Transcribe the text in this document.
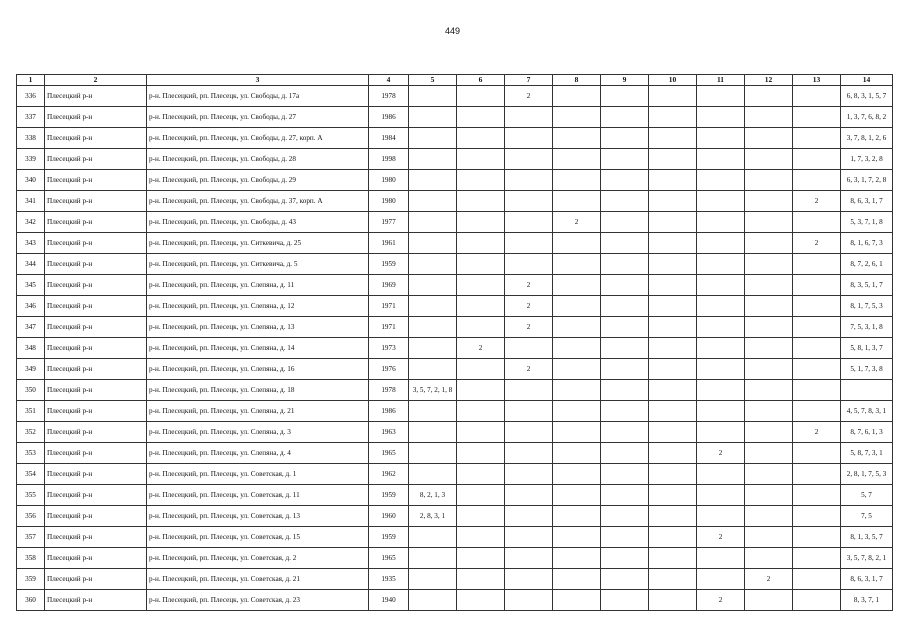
449
1	2	3	4	5	6	7	8	9	10	11	12	13	14
336	Плесецкий р-н	р-н. Плесецкий, рп. Плесецк, ул. Свободы, д. 17а	1978			2							6, 8, 3, 1, 5, 7
337	Плесецкий р-н	р-н. Плесецкий, рп. Плесецк, ул. Свободы, д. 27	1986										1, 3, 7, 6, 8, 2
338	Плесецкий р-н	р-н. Плесецкий, рп. Плесецк, ул. Свободы, д. 27, корп. А	1984										3, 7, 8, 1, 2, 6
339	Плесецкий р-н	р-н. Плесецкий, рп. Плесецк, ул. Свободы, д. 28	1998										1, 7, 3, 2, 8
340	Плесецкий р-н	р-н. Плесецкий, рп. Плесецк, ул. Свободы, д. 29	1980										6, 3, 1, 7, 2, 8
341	Плесецкий р-н	р-н. Плесецкий, рп. Плесецк, ул. Свободы, д. 37, корп. А	1980									2	8, 6, 3, 1, 7
342	Плесецкий р-н	р-н. Плесецкий, рп. Плесецк, ул. Свободы, д. 43	1977				2						5, 3, 7, 1, 8
343	Плесецкий р-н	р-н. Плесецкий, рп. Плесецк, ул. Ситкевича, д. 25	1961									2	8, 1, 6, 7, 3
344	Плесецкий р-н	р-н. Плесецкий, рп. Плесецк, ул. Ситкевича, д. 5	1959										8, 7, 2, 6, 1
345	Плесецкий р-н	р-н. Плесецкий, рп. Плесецк, ул. Слепяна, д. 11	1969			2							8, 3, 5, 1, 7
346	Плесецкий р-н	р-н. Плесецкий, рп. Плесецк, ул. Слепяна, д. 12	1971			2							8, 1, 7, 5, 3
347	Плесецкий р-н	р-н. Плесецкий, рп. Плесецк, ул. Слепяна, д. 13	1971			2							7, 5, 3, 1, 8
348	Плесецкий р-н	р-н. Плесецкий, рп. Плесецк, ул. Слепяна, д. 14	1973		2								5, 8, 1, 3, 7
349	Плесецкий р-н	р-н. Плесецкий, рп. Плесецк, ул. Слепяна, д. 16	1976			2							5, 1, 7, 3, 8
350	Плесецкий р-н	р-н. Плесецкий, рп. Плесецк, ул. Слепяна, д. 18	1978	3, 5, 7, 2, 1, 8									
351	Плесецкий р-н	р-н. Плесецкий, рп. Плесецк, ул. Слепяна, д. 21	1986										4, 5, 7, 8, 3, 1
352	Плесецкий р-н	р-н. Плесецкий, рп. Плесецк, ул. Слепяна, д. 3	1963									2	8, 7, 6, 1, 3
353	Плесецкий р-н	р-н. Плесецкий, рп. Плесецк, ул. Слепяна, д. 4	1965							2			5, 8, 7, 3, 1
354	Плесецкий р-н	р-н. Плесецкий, рп. Плесецк, ул. Советская, д. 1	1962										2, 8, 1, 7, 5, 3
355	Плесецкий р-н	р-н. Плесецкий, рп. Плесецк, ул. Советская, д. 11	1959	8, 2, 1, 3									5, 7
356	Плесецкий р-н	р-н. Плесецкий, рп. Плесецк, ул. Советская, д. 13	1960	2, 8, 3, 1									7, 5
357	Плесецкий р-н	р-н. Плесецкий, рп. Плесецк, ул. Советская, д. 15	1959							2			8, 1, 3, 5, 7
358	Плесецкий р-н	р-н. Плесецкий, рп. Плесецк, ул. Советская, д. 2	1965										3, 5, 7, 8, 2, 1
359	Плесецкий р-н	р-н. Плесецкий, рп. Плесецк, ул. Советская, д. 21	1935								2		8, 6, 3, 1, 7
360	Плесецкий р-н	р-н. Плесецкий, рп. Плесецк, ул. Советская, д. 23	1940							2			8, 3, 7, 1
